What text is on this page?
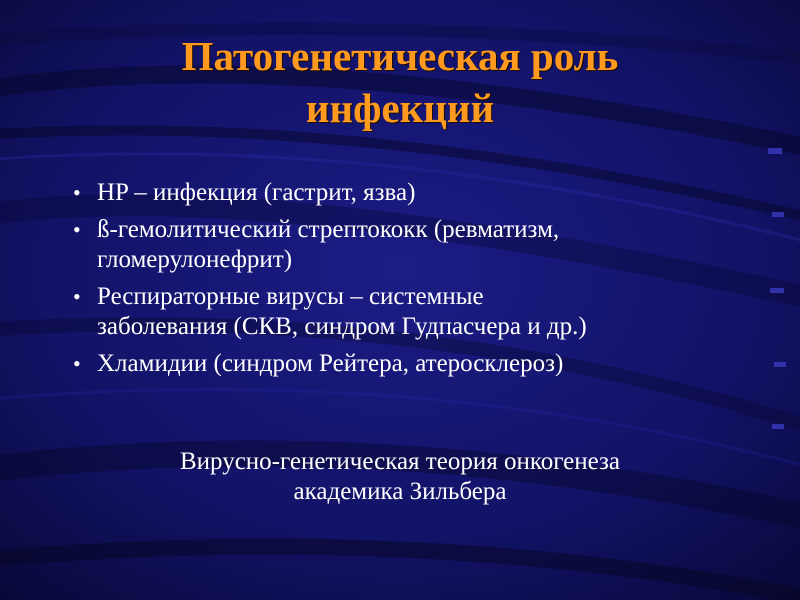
Патогенетическая роль
инфекций
• HP – инфекция (гастрит, язва)
• ß-гемолитический стрептококк (ревматизм,
гломерулонефрит)
• Респираторные вирусы – системные
заболевания (СКВ, синдром Гудпасчера и др.)
• Хламидии (синдром Рейтера, атеросклероз)
Вирусно-генетическая теория онкогенеза
академика Зильбера
